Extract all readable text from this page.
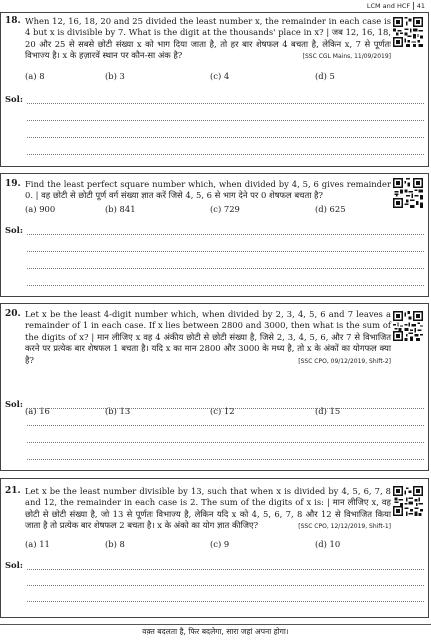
LCM and HCF 41
18. When 12, 16, 18, 20 and 25 divided the least number x, the remainder in each case is 4 but x is divisible by 7. What is the digit at the thousands' place in x? | जब 12, 16, 18, 20 और 25 से सबसे छोटी संख्या x को भाग दिया जाता है, तो हर बार शेषफल 4 बचता है, लेकिन x, 7 से पूर्णतः विभाज्य है। x के हज़ारवें स्थान पर कौन-सा अंक है?	[SSC CGL Mains, 11/09/2019]
(a) 8	(b) 3	(c) 4	(d) 5
Sol:
19. Find the least perfect square number which, when divided by 4, 5, 6 gives remainder 0. | वह छोटी से छोटी पूर्ण वर्ग संख्या ज्ञात करें जिसे 4, 5, 6 से भाग देने पर 0 शेषफल बचता है?
(a) 900	(b) 841	(c) 729	(d) 625
Sol:
20. Let x be the least 4-digit number which, when divided by 2, 3, 4, 5, 6 and 7 leaves a remainder of 1 in each case. If x lies between 2800 and 3000, then what is the sum of the digits of x? | मान लीजिए x वह 4 अंकीय छोटी से छोटी संख्या है, जिसे 2, 3, 4, 5, 6, और 7 से विभाजित करने पर प्रत्येक बार शेषफल 1 बचता है। यदि x का मान 2800 और 3000 के मध्य है, तो x के अंकों का योगफल क्या है?	[SSC CPO, 09/12/2019, Shift-2]
(a) 16	(b) 13	(c) 12	(d) 15
Sol:
21. Let x be the least number divisible by 13, such that when x is divided by 4, 5, 6, 7, 8 and 12, the remainder in each case is 2. The sum of the digits of x is: | मान लीजिए x, वह छोटी से छोटी संख्या है, जो 13 से पूर्णतः विभाज्य है, लेकिन यदि x को 4, 5, 6, 7, 8 और 12 से विभाजित किया जाता है तो प्रत्येक बार शेषफल 2 बचता है। x के अंको का योग ज्ञात कीजिए?	[SSC CPO, 12/12/2019, Shift-1]
(a) 11	(b) 8	(c) 9	(d) 10
Sol:
वक़्त बदलता है, फिर बदलेगा, सारा जहां अपना होगा।
